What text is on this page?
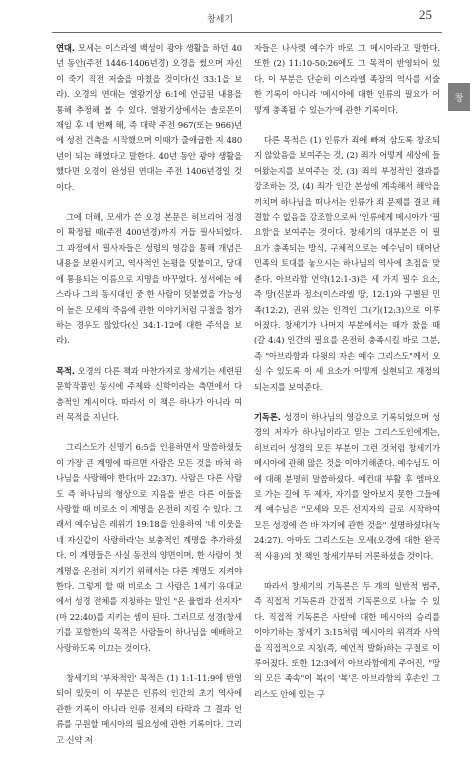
창세기	25
창

연대. 모세는 이스라엘 백성이 광야 생활을 하던 40년 동안(주전 1446-1406년경) 오경을 썼으며 자신이 죽기 직전 저술을 마쳤을 것이다(신 33:1을 보라). 오경의 연대는 열왕기상 6:1에 언급된 내용을 통해 추정해 볼 수 있다. 열왕기상에서는 솔로몬이 재임 후 네 번째 해, 즉 대략 주전 967(또는 966)년에 성전 건축을 시작했으며 이때가 출애굽한 지 480년이 되는 해였다고 말한다. 40년 동안 광야 생활을 했다면 오경이 완성된 연대는 주전 1406년경일 것이다.

그에 더해, 모세가 쓴 오경 본문은 히브리어 정경이 확정될 때(주전 400년경)까지 거듭 필사되었다. 그 과정에서 필사자들은 성령의 영감을 통해 개념은 내용을 보완시키고, 역사적인 논평을 덧붙이고, 당대에 통용되는 이름으로 지명을 바꾸었다. 성서에는 에스라나 그의 동시대인 중 한 사람이 덧붙였을 가능성이 높은 모세의 죽음에 관한 이야기처럼 구절을 첨가하는 경우도 많았다(신 34:1-12에 대한 주석을 보라).

목적. 오경의 다른 책과 마찬가지로 창세기는 세련된 문학작품인 동시에 주제와 신학이라는 측면에서 다층적인 계시이다. 따라서 이 책은 하나가 아니라 여러 목적을 지닌다.

그리스도가 신명기 6:5을 인용하면서 말씀하셨듯이 가장 큰 계명에 따르면 사람은 모든 것을 바쳐 하나님을 사랑해야 한다(마 22:37). 사람은 다른 사람도 즉 하나님의 형상으로 지음을 받은 다른 이들을 사랑할 때 비로소 이 계명을 온전히 지킬 수 있다. 그래서 예수님은 레위기 19:18을 인용하여 '네 이웃을 네 자신같이 사랑하라'는 보충적인 계명을 추가하셨다. 이 계명들은 사실 동전의 양면이며, 한 사람이 첫 계명을 온전히 지키기 위해서는 다른 계명도 지켜야 한다. 그렇게 할 때 비로소 그 사람은 1세기 유대교에서 성경 전체를 지칭하는 말인 "온 율법과 선지자"(마 22:40)를 지키는 셈이 된다. 그러므로 성경(창세기를 포함한)의 목적은 사람들이 하나님을 예배하고 사랑하도록 이끄는 것이다.

창세기의 '부차적인' 목적은 (1) 1:1-11:9에 반영되어 있듯이 이 부분은 인류의 인간의 초기 역사에 관한 기록이 아니라 인류 전체의 타락과 그 결과 인류를 구원할 메시아의 필요성에 관한 기록이다. 그리고 신약 저

자들은 나사렛 예수가 바로 그 메시아라고 말한다. 또한 (2) 11:10-50:26에도 그 목적이 반영되어 있다. 이 부분은 단순히 이스라엘 족장의 역사를 서술한 기록이 아니라 '메시아에 대한 인류의 필요가 어떻게 충족될 수 있는가'에 관한 기록이다.

다른 목적은 (1) 인류가 죄에 빠져 삼도록 창조되지 않았음을 보여주는 것, (2) 죄가 어떻게 세상에 들어왔는지를 보여주는 것, (3) 죄의 부정적인 결과를 강조하는 것, (4) 죄가 인간 본성에 계속해서 해악을 끼치며 하나님을 떠나서는 인류가 죄 문제를 결코 해결할 수 없음을 강조함으로써 '인류에게 메시아가 '필요함'을 보여주는 것이다. 창세기의 대부분은 이 필요가 충족되는 방식, 구체적으로는 예수님이 태어난 민족의 토대를 놓으시는 하나님의 역사에 초점을 맞춘다. 아브라함 언약(12:1-3)은 세 가지 필수 요소, 즉 땅(신분과 정소(이스라엘 땅, 12:1)와 구별된 민족(12:2), 권위 있는 인격인 그(기(12:3)으로 이루어졌다. 창세기가 나머지 부분에서는 때가 찼을 때(갈 4:4) 인간의 필요를 온전히 충족시킬 바로 그분, 즉 "아브라함과 다윗의 자손 예수 그리스도"께서 오실 수 있도록 이 세 요소가 어떻게 실현되고 재정의되는지를 보여준다.

기독론. 성경이 하나님의 영감으로 기록되었으며 성경의 저자가 하나님이라고 믿는 그리스도인에게는, 히브리어 성경의 모든 부분이 그런 것처럼 창세기가 메시아에 관해 많은 것을 이야기해준다. 예수님도 이에 대해 분명히 말씀하셨다. 예컨대 부활 후 엠마오로 가는 길에 두 제자, 자기를 알아보지 못한 그들에게 예수님은 "모세와 모든 선지자의 글로 시작하여 모든 성경에 쓴 바 자기에 관한 것을" 설명하셨다(눅 24:27). 아마도 그리스도는 모세(오경에 대한 완곡적 사용)의 첫 책인 창세기부터 거론하셨을 것이다.

따라서 창세기의 기독론은 두 개의 일반적 범주, 즉 직접적 기독론과 간접적 기독론으로 나눌 수 있다. 직접적 기독론은 사탄에 대한 메시아의 승리를 이야기하는 창세기 3:15처럼 메시아의 위격과 사역을 직접적으로 지칭(즉, 예언적 발화)하는 구절로 이루어졌다. 또한 12:3에서 아브라함에게 주어진, "땅의 모든 족속"이 복(이 '복'은 아브라함의 후손인 그리스도 안에 있는 구
